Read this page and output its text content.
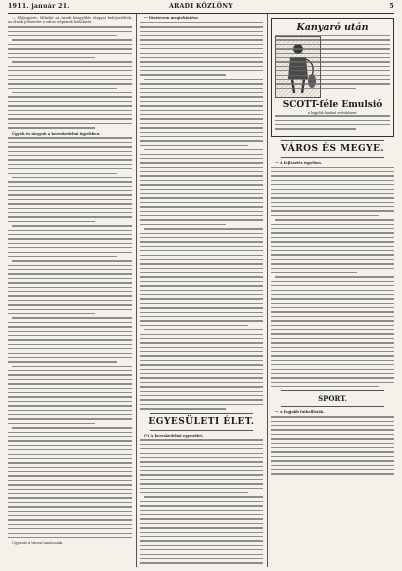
1911. január 21.	ARADI KÖZLÖNY	5

— Előjegyzés. Mihelyt az Aradi közgyűlés tárgyai befejeződtek, az elnök jelentette a város népének hódolatát.

Ügyek és tárgyak a kereskedelmi ügyekben.

Ugyanis a városi tanácsnak.

— Díszterem megtekintése.

EGYESÜLETI ÉLET.

(*) A kereskedelmi egyesület.

Kanyaró után
SCOTT-féle Emulsió
a legjobb hatású erősítőszer.
VÁROS ÉS MEGYE.

— A fejlesztés ügyében.

SPORT.

— A legjobb futballisták.
